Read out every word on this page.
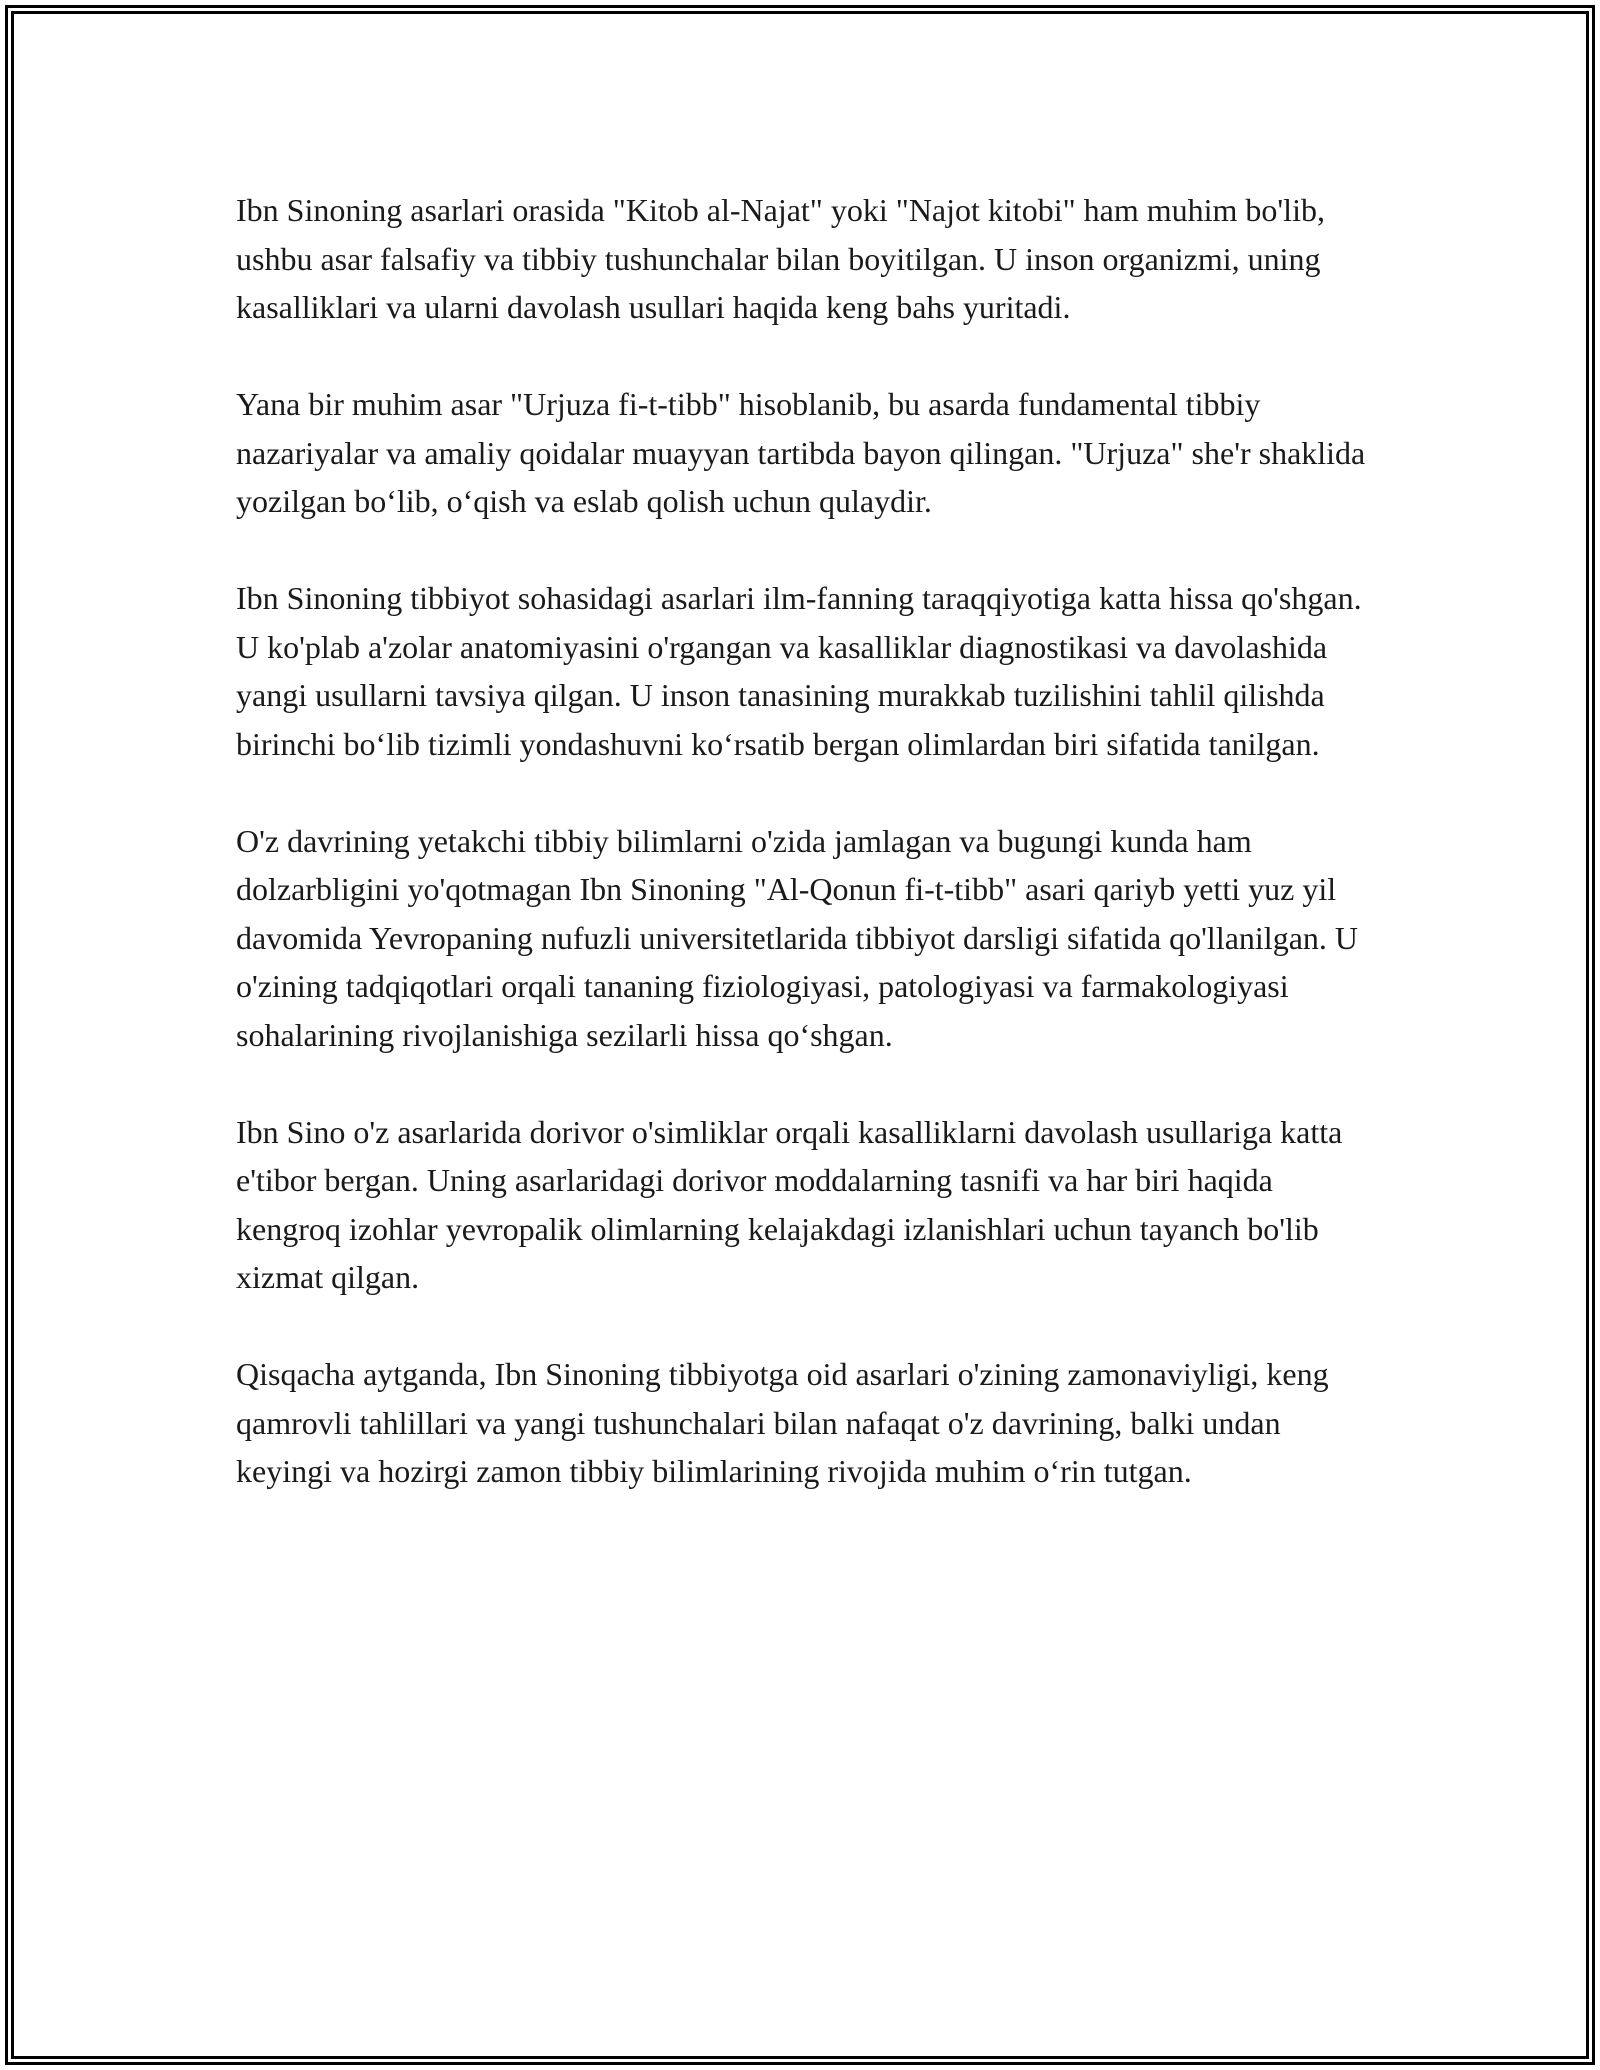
Ibn Sinoning asarlari orasida "Kitob al-Najat" yoki "Najot kitobi" ham muhim bo'lib, ushbu asar falsafiy va tibbiy tushunchalar bilan boyitilgan. U inson organizmi, uning kasalliklari va ularni davolash usullari haqida keng bahs yuritadi.

Yana bir muhim asar "Urjuza fi-t-tibb" hisoblanib, bu asarda fundamental tibbiy nazariyalar va amaliy qoidalar muayyan tartibda bayon qilingan. "Urjuza" she'r shaklida yozilgan bo‘lib, o‘qish va eslab qolish uchun qulaydir.

Ibn Sinoning tibbiyot sohasidagi asarlari ilm-fanning taraqqiyotiga katta hissa qo'shgan. U ko'plab a'zolar anatomiyasini o'rgangan va kasalliklar diagnostikasi va davolashida yangi usullarni tavsiya qilgan. U inson tanasining murakkab tuzilishini tahlil qilishda birinchi bo‘lib tizimli yondashuvni ko‘rsatib bergan olimlardan biri sifatida tanilgan.

O'z davrining yetakchi tibbiy bilimlarni o'zida jamlagan va bugungi kunda ham dolzarbligini yo'qotmagan Ibn Sinoning "Al-Qonun fi-t-tibb" asari qariyb yetti yuz yil davomida Yevropaning nufuzli universitetlarida tibbiyot darsligi sifatida qo'llanilgan. U o'zining tadqiqotlari orqali tananing fiziologiyasi, patologiyasi va farmakologiyasi sohalarining rivojlanishiga sezilarli hissa qo‘shgan.

Ibn Sino o'z asarlarida dorivor o'simliklar orqali kasalliklarni davolash usullariga katta e'tibor bergan. Uning asarlaridagi dorivor moddalarning tasnifi va har biri haqida kengroq izohlar yevropalik olimlarning kelajakdagi izlanishlari uchun tayanch bo'lib xizmat qilgan.

Qisqacha aytganda, Ibn Sinoning tibbiyotga oid asarlari o'zining zamonaviyligi, keng qamrovli tahlillari va yangi tushunchalari bilan nafaqat o'z davrining, balki undan keyingi va hozirgi zamon tibbiy bilimlarining rivojida muhim o‘rin tutgan.
